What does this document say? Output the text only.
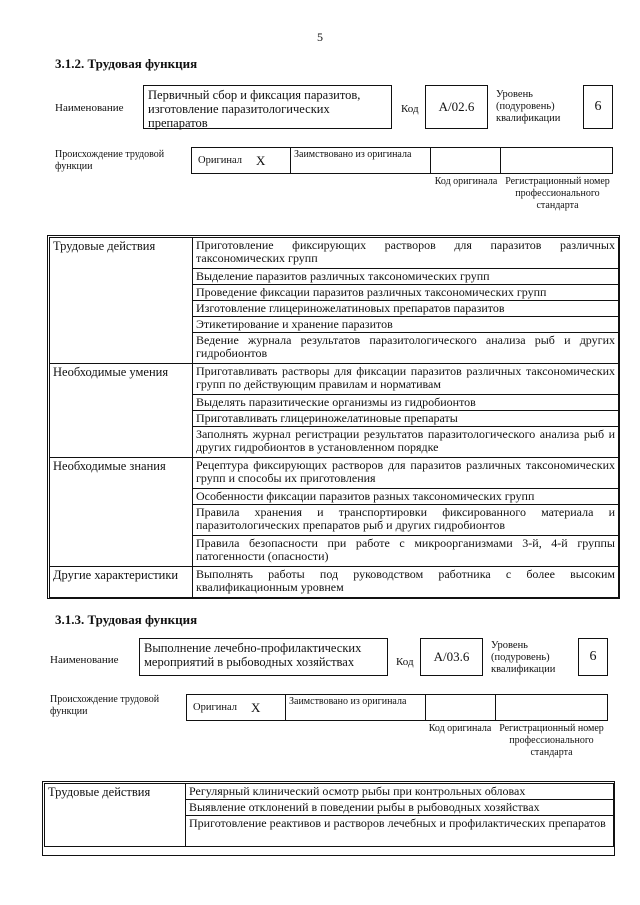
5
3.1.2. Трудовая функция
Наименование
Первичный сбор и фиксация паразитов, изготовление паразитологических препаратов
Код	А/02.6
Уровень (подуровень) квалификации
6
Происхождение трудовой функции
Оригинал X	Заимствовано из оригинала
Код оригинала Регистрационный номер профессионального стандарта
Трудовые действия	Приготовление фиксирующих растворов для паразитов различных таксономических групп
	Выделение паразитов различных таксономических групп
	Проведение фиксации паразитов различных таксономических групп
	Изготовление глицериножелатиновых препаратов паразитов
	Этикетирование и хранение паразитов
	Ведение журнала результатов паразитологического анализа рыб и других гидробионтов
Необходимые умения	Приготавливать растворы для фиксации паразитов различных таксономических групп по действующим правилам и нормативам
	Выделять паразитические организмы из гидробионтов
	Приготавливать глицериножелатиновые препараты
	Заполнять журнал регистрации результатов паразитологического анализа рыб и других гидробионтов в установленном порядке
Необходимые знания	Рецептура фиксирующих растворов для паразитов различных таксономических групп и способы их приготовления
	Особенности фиксации паразитов разных таксономических групп
	Правила хранения и транспортировки фиксированного материала и паразитологических препаратов рыб и других гидробионтов
	Правила безопасности при работе с микроорганизмами 3-й, 4-й группы патогенности (опасности)
Другие характеристики	Выполнять работы под руководством работника с более высоким квалификационным уровнем
3.1.3. Трудовая функция
Наименование
Выполнение лечебно-профилактических мероприятий в рыбоводных хозяйствах	Код	А/03.6
Уровень (подуровень) квалификации
6
Происхождение трудовой функции	Оригинал X	Заимствовано из оригинала
Код оригинала Регистрационный номер профессионального стандарта
Трудовые действия	Регулярный клинический осмотр рыбы при контрольных обловах
Выявление отклонений в поведении рыбы в рыбоводных хозяйствах
Приготовление реактивов и растворов лечебных и профилактических препаратов
